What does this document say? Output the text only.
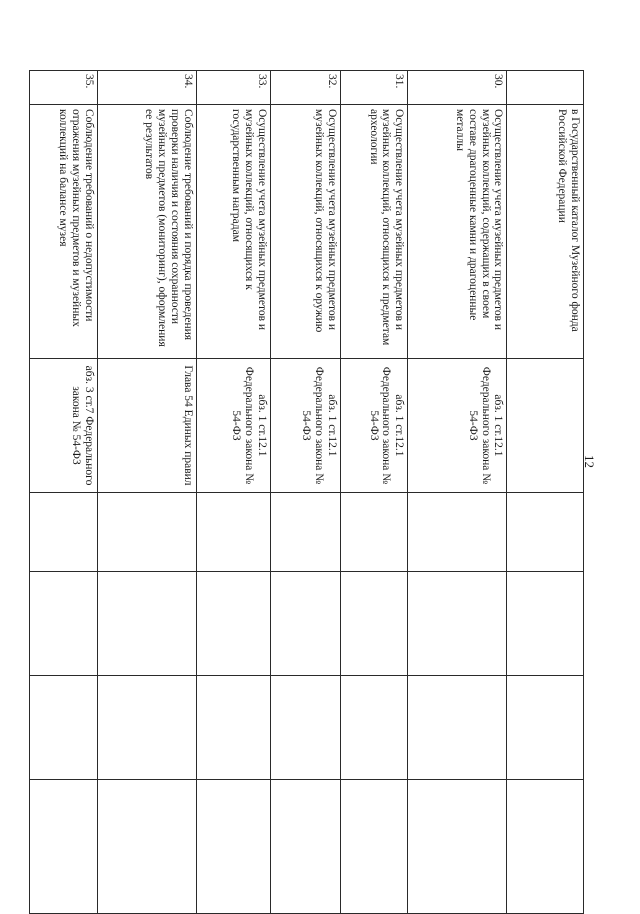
12
	в Государственный каталог Музейного фонда Российской Федерации					
30.	Осуществление учета музейных предметов и музейных коллекций, содержащих в своем составе драгоценные камни и драгоценные металлы	абз. 1 ст.12.1 Федерального закона № 54-ФЗ				
31.	Осуществление учета музейных предметов и музейных коллекций, относящихся к предметам археологии	абз. 1 ст.12.1 Федерального закона № 54-ФЗ				
32.	Осуществление учета музейных предметов и музейных коллекций, относящихся к оружию	абз. 1 ст.12.1 Федерального закона № 54-ФЗ				
33.	Осуществление учета музейных предметов и музейных коллекций, относящихся к государственным наградам	абз. 1 ст.12.1 Федерального закона № 54-ФЗ				
34.	Соблюдение требований и порядка проведения проверки наличия и состояния сохранности музейных предметов (мониторинг), оформления ее результатов	Глава 54 Единых правил				
35.	Соблюдение требований о недопустимости отражения музейных предметов и музейных коллекций на балансе музея	абз. 3 ст.7 Федерального закона № 54-ФЗ				
